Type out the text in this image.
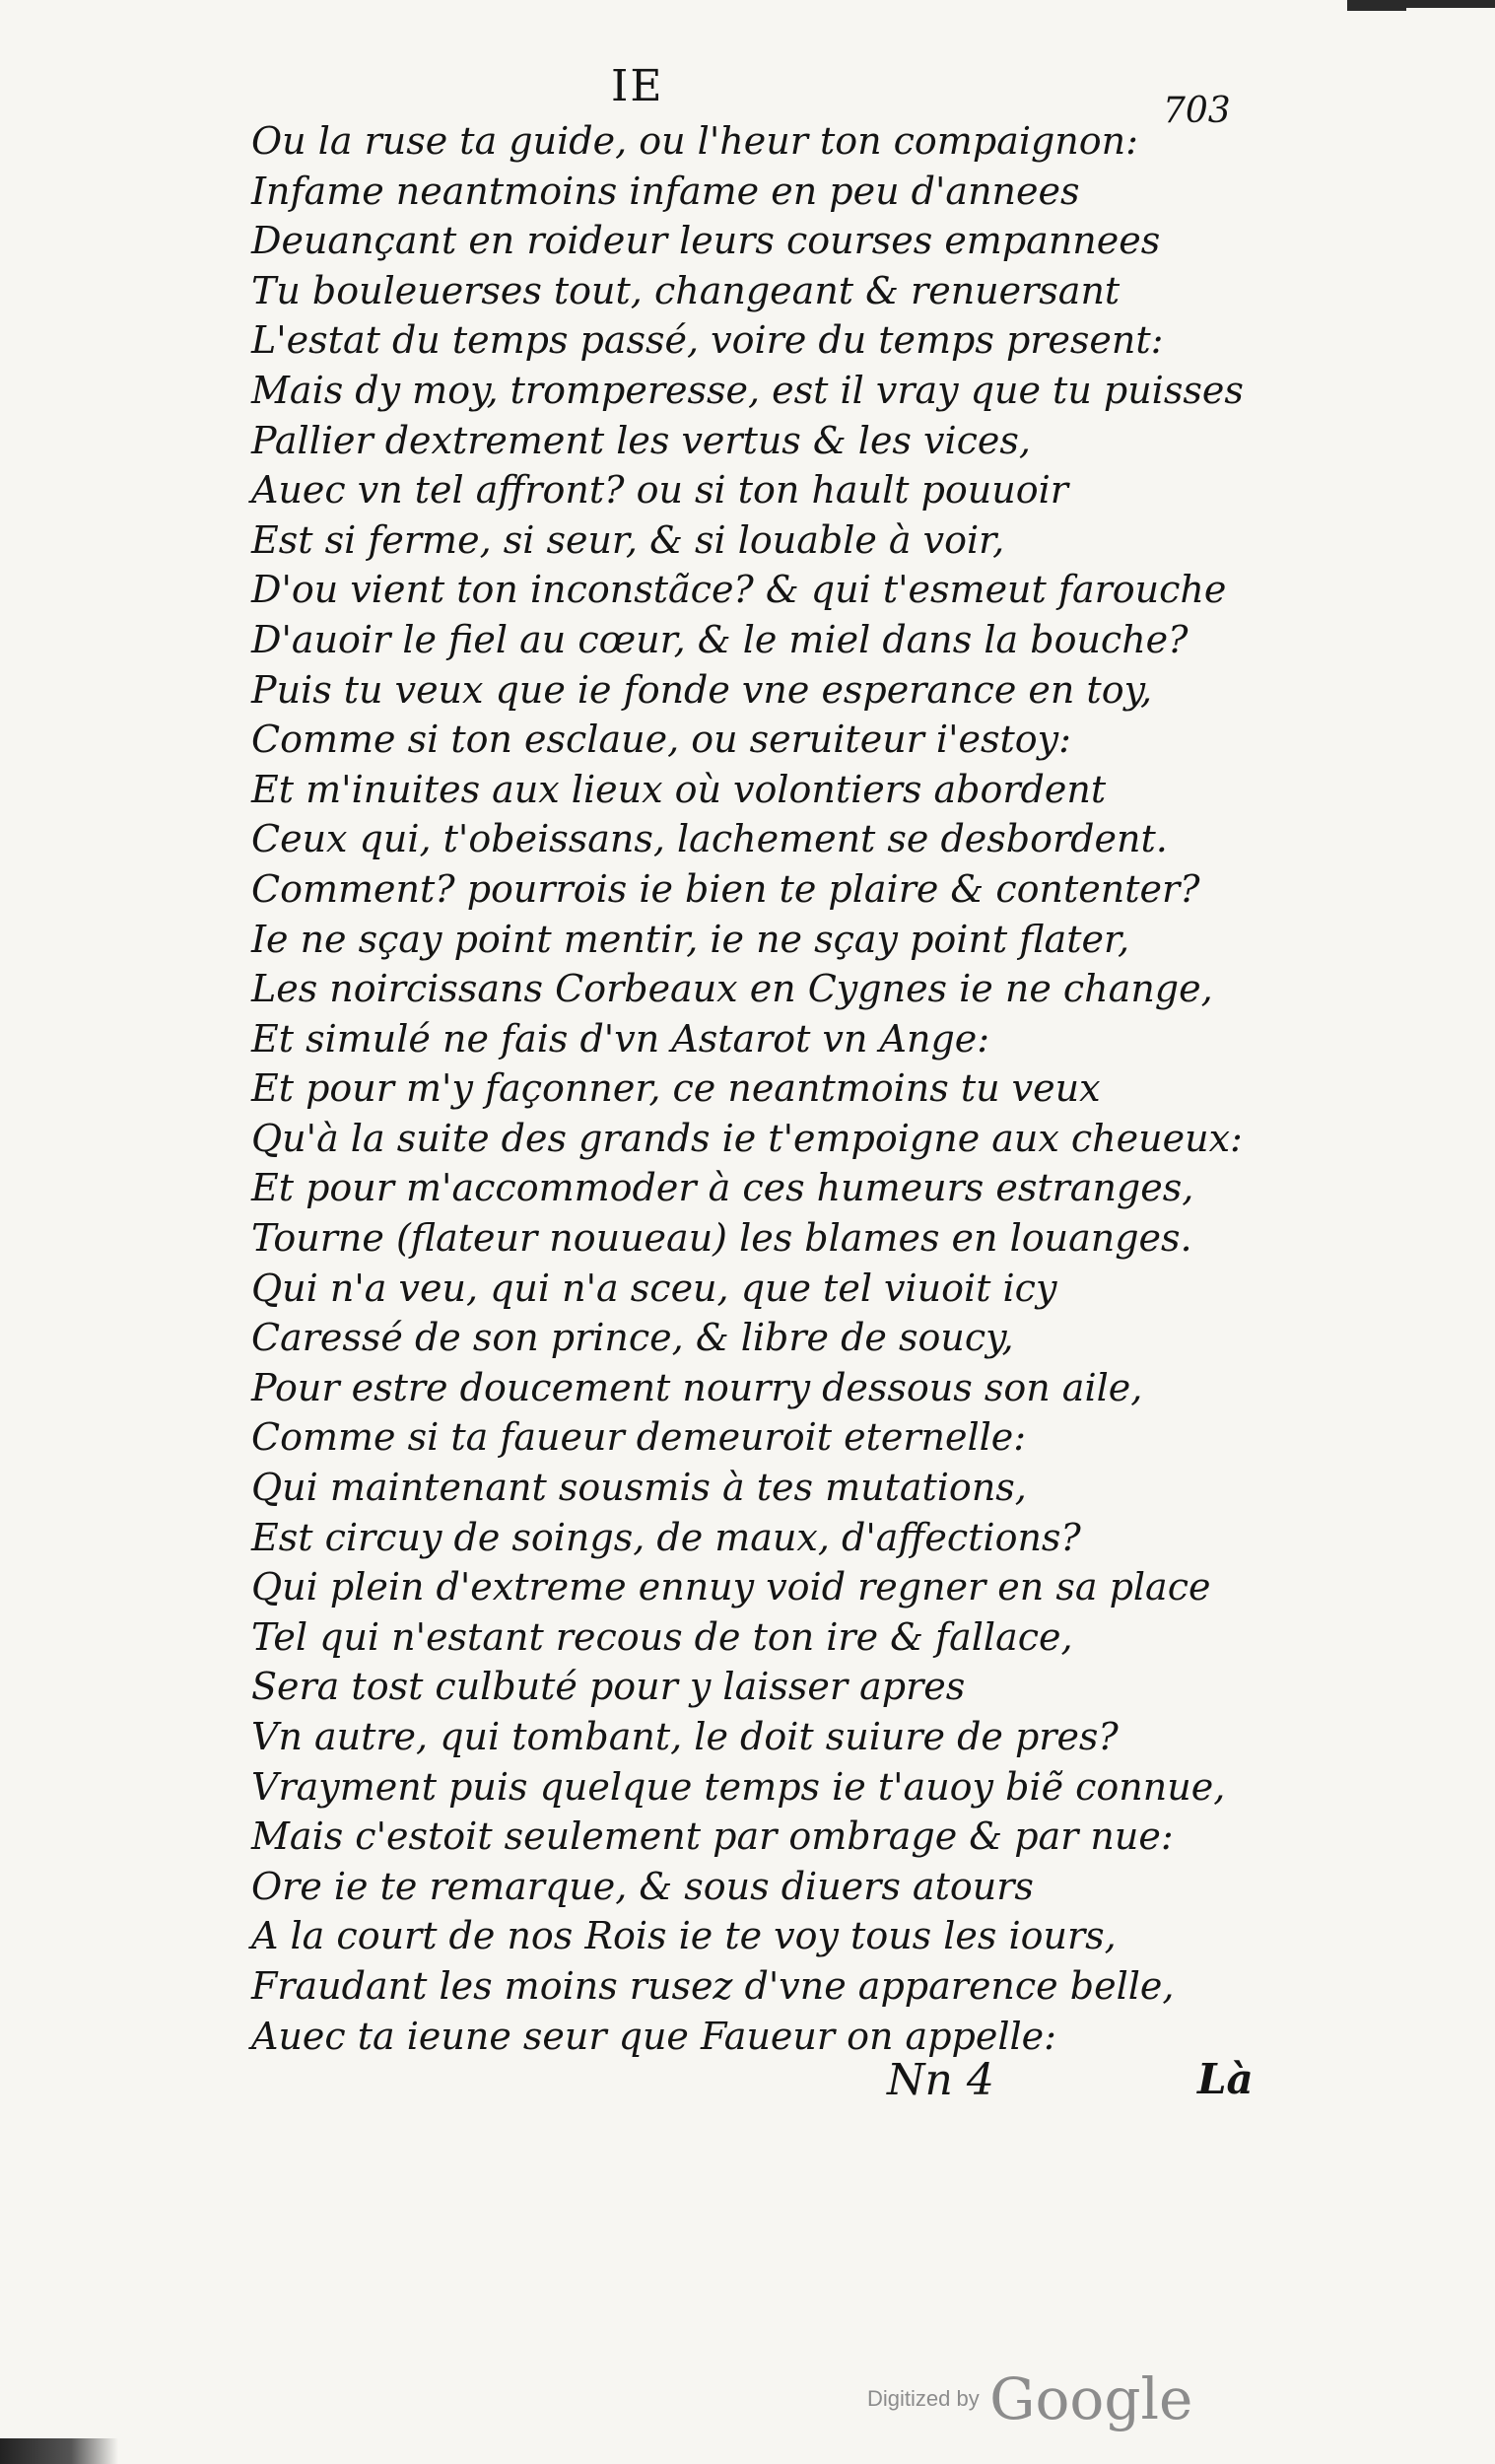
IE	703
Ou la ruse ta guide, ou l'heur ton compaignon:
Infame neantmoins infame en peu d'annees
Deuançant en roideur leurs courses empannees
Tu bouleuerses tout, changeant & renuersant
L'estat du temps passé, voire du temps present:
Mais dy moy, tromperesse, est il vray que tu puisses
Pallier dextrement les vertus & les vices,
Auec vn tel affront? ou si ton hault pouuoir
Est si ferme, si seur, & si louable à voir,
D'ou vient ton inconstãce? & qui t'esmeut farouche
D'auoir le fiel au cœur, & le miel dans la bouche?
Puis tu veux que ie fonde vne esperance en toy,
Comme si ton esclaue, ou seruiteur i'estoy:
Et m'inuites aux lieux où volontiers abordent
Ceux qui, t'obeissans, lachement se desbordent.
Comment? pourrois ie bien te plaire & contenter?
Ie ne sçay point mentir, ie ne sçay point flater,
Les noircissans Corbeaux en Cygnes ie ne change,
Et simulé ne fais d'vn Astarot vn Ange:
Et pour m'y façonner, ce neantmoins tu veux
Qu'à la suite des grands ie t'empoigne aux cheueux:
Et pour m'accommoder à ces humeurs estranges,
Tourne (flateur nouueau) les blames en louanges.
Qui n'a veu, qui n'a sceu, que tel viuoit icy
Caressé de son prince, & libre de soucy,
Pour estre doucement nourry dessous son aile,
Comme si ta faueur demeuroit eternelle:
Qui maintenant sousmis à tes mutations,
Est circuy de soings, de maux, d'affections?
Qui plein d'extreme ennuy void regner en sa place
Tel qui n'estant recous de ton ire & fallace,
Sera tost culbuté pour y laisser apres
Vn autre, qui tombant, le doit suiure de pres?
Vrayment puis quelque temps ie t'auoy biẽ connue,
Mais c'estoit seulement par ombrage & par nue:
Ore ie te remarque, & sous diuers atours
A la court de nos Rois ie te voy tous les iours,
Fraudant les moins rusez d'vne apparence belle,
Auec ta ieune seur que Faueur on appelle:
Nn 4	Là
Digitized by Google
